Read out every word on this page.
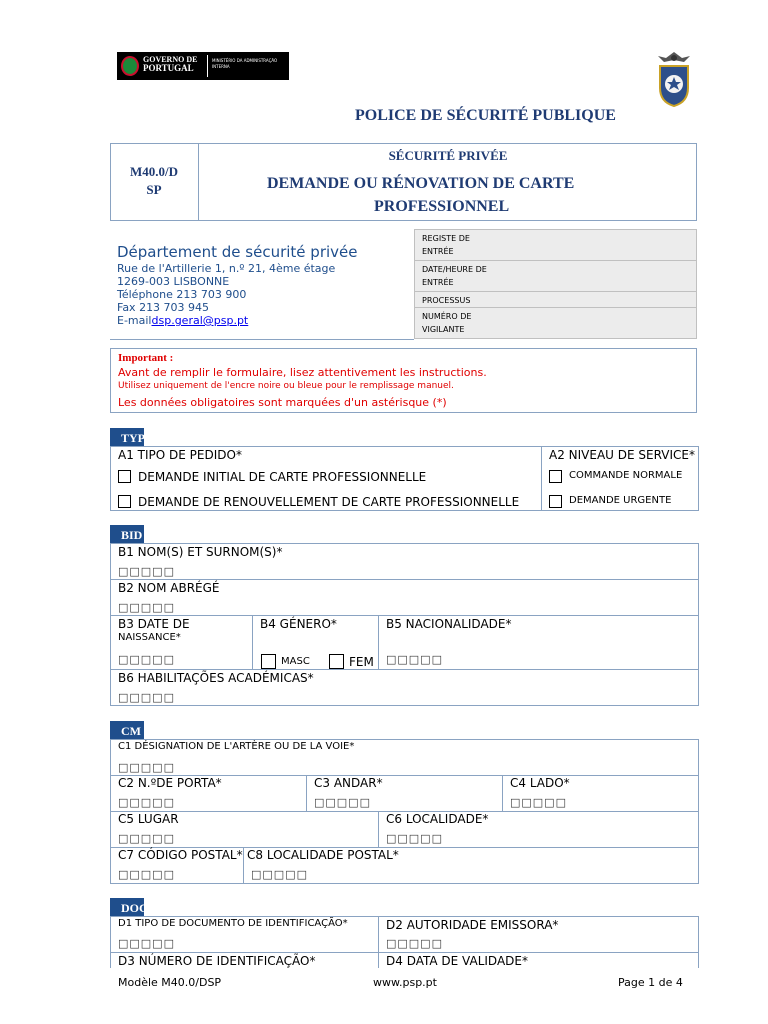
GOVERNO DE
PORTUGAL
MINISTÉRIO DA ADMINISTRAÇÃO INTERNA
POLICE DE SÉCURITÉ PUBLIQUE
M40.0/D
SP
SÉCURITÉ PRIVÉE
DEMANDE OU RÉNOVATION DE CARTE
PROFESSIONNEL
Département de sécurité privée
Rue de l'Artillerie 1, n.º 21, 4ème étage
1269-003 LISBONNE
Téléphone 213 703 900
Fax 213 703 945
E-maildsp.geral@psp.pt
REGISTE DE ENTRÉE
DATE/HEURE DE ENTRÉE
PROCESSUS
NUMÉRO DE VIGILANTE
Important :
Avant de remplir le formulaire, lisez attentivement les instructions.
Utilisez uniquement de l'encre noire ou bleue pour le remplissage manuel.
Les données obligatoires sont marquées d'un astérisque (*)
TYP
A1 TIPO DE PEDIDO*
DEMANDE INITIAL DE CARTE PROFESSIONNELLE
DEMANDE DE RENOUVELLEMENT DE CARTE PROFESSIONNELLE
A2 NIVEAU DE SERVICE*
COMMANDE NORMALE
DEMANDE URGENTE
BID
B1 NOM(S) ET SURNOM(S)*
□□□□□
B2 NOM ABRÉGÉ
□□□□□
B3 DATE DE
NAISSANCE*
□□□□□
B4 GÉNERO*
MASC	FEM
B5 NACIONALIDADE*
□□□□□
B6 HABILITAÇÕES ACADÉMICAS*
□□□□□
CM
C1 DÉSIGNATION DE L'ARTÈRE OU DE LA VOIE*
□□□□□
C2 N.ºDE PORTA*
□□□□□
C3 ANDAR*
□□□□□
C4 LADO*
□□□□□
C5 LUGAR
□□□□□
C6 LOCALIDADE*
□□□□□
C7 CÓDIGO POSTAL*
□□□□□
C8 LOCALIDADE POSTAL*
□□□□□
DOC
D1 TIPO DE DOCUMENTO DE IDENTIFICAÇÃO*
□□□□□
D2 AUTORIDADE EMISSORA*
□□□□□
D3 NÚMERO DE IDENTIFICAÇÃO*	D4 DATA DE VALIDADE*
Modèle M40.0/DSP	www.psp.pt	Page 1 de 4
